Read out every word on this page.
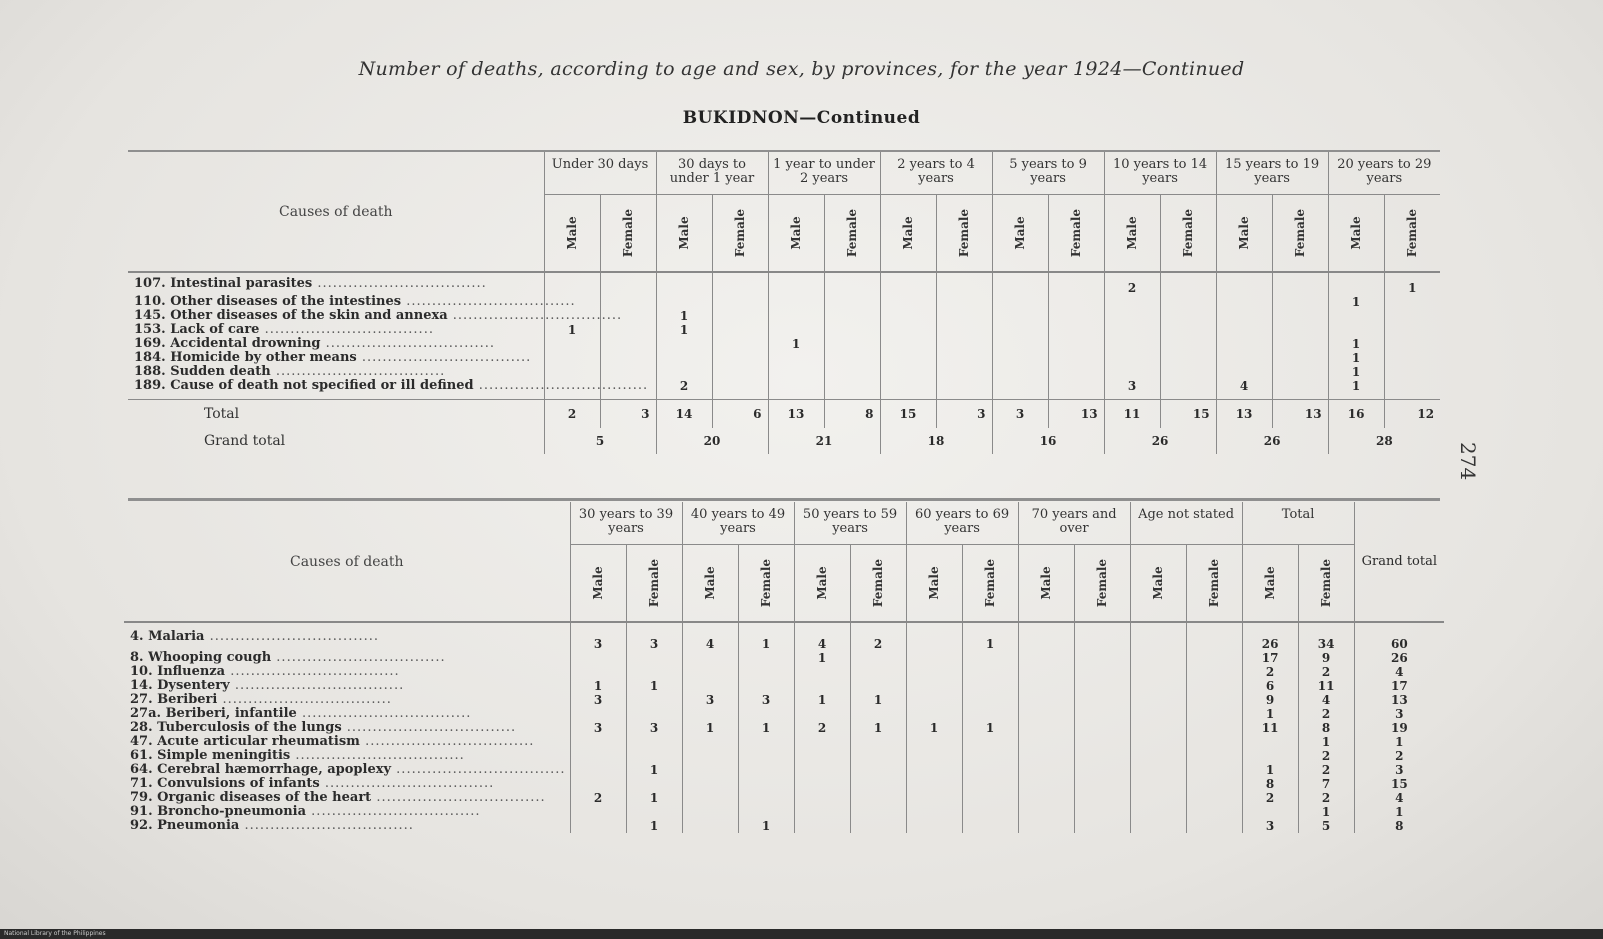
Number of deaths, according to age and sex, by provinces, for the year 1924—Continued
BUKIDNON—Continued
274
Causes of death	Under 30 days		30 days to under 1 year		1 year to under 2 years		2 years to 4 years		5 years to 9 years		10 years to 14 years		15 years to 19 years		20 years to 29 years	

	Male	Female	Male	Female	Male	Female	Male	Female	Male	Female	Male	Female	Male	Female	Male	Female

107. Intestinal parasites .................................											2					1
110. Other diseases of the intestines .................................															1	
145. Other diseases of the skin and annexa .................................			1													
153. Lack of care .................................	1		1													
169. Accidental drowning .................................					1										1	
184. Homicide by other means .................................															1	
188. Sudden death .................................															1	
189. Cause of death not specified or ill defined .................................			2								3		4		1	
Total	2	3	14	6	13	8	15	3	3	13	11	15	13	13	16	12
Grand total	5		20		21		18		16		26		26		28	
Causes of death	30 years to 39 years		40 years to 49 years		50 years to 59 years		60 years to 69 years		70 years and over		Age not stated		Total		Grand total

	Male	Female	Male	Female	Male	Female	Male	Female	Male	Female	Male	Female	Male	Female	

4. Malaria .................................	3	3	4	1	4	2		1					26	34	60
8. Whooping cough .................................					1								17	9	26
10. Influenza .................................													2	2	4
14. Dysentery .................................	1	1											6	11	17
27. Beriberi .................................	3		3	3	1	1							9	4	13
27a. Beriberi, infantile .................................													1	2	3
28. Tuberculosis of the lungs .................................	3	3	1	1	2	1	1	1					11	8	19
47. Acute articular rheumatism .................................														1	1
61. Simple meningitis .................................														2	2
64. Cerebral hæmorrhage, apoplexy .................................		1											1	2	3
71. Convulsions of infants .................................													8	7	15
79. Organic diseases of the heart .................................	2	1											2	2	4
91. Broncho-pneumonia .................................														1	1
92. Pneumonia .................................		1		1									3	5	8
National Library of the Philippines
